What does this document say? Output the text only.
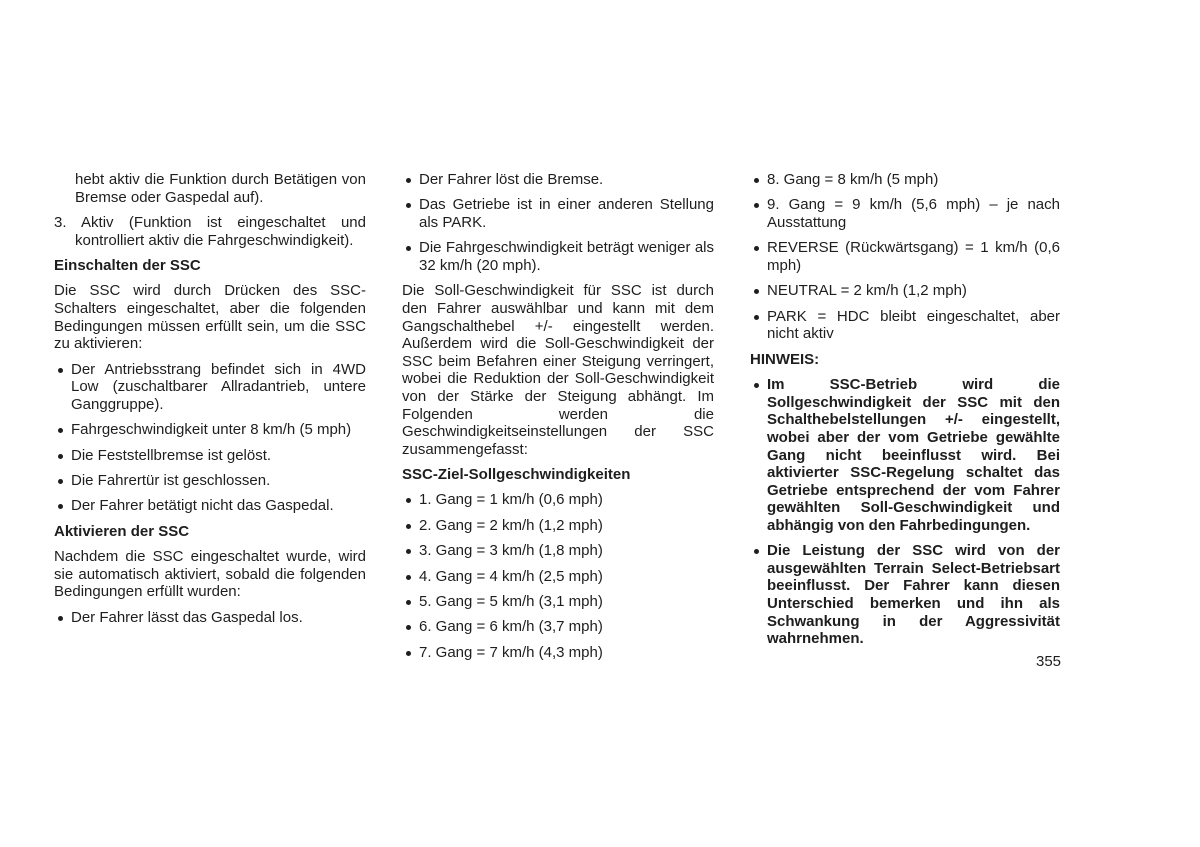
hebt aktiv die Funktion durch Betätigen von Bremse oder Gaspedal auf).

3. Aktiv (Funktion ist eingeschaltet und kontrolliert aktiv die Fahrgeschwindigkeit).

Einschalten der SSC

Die SSC wird durch Drücken des SSC-Schalters eingeschaltet, aber die folgenden Bedingungen müssen erfüllt sein, um die SSC zu aktivieren:

Der Antriebsstrang befindet sich in 4WD Low (zuschaltbarer Allradantrieb, untere Ganggruppe).
Fahrgeschwindigkeit unter 8 km/h (5 mph)
Die Feststellbremse ist gelöst.
Die Fahrertür ist geschlossen.
Der Fahrer betätigt nicht das Gaspedal.
Aktivieren der SSC

Nachdem die SSC eingeschaltet wurde, wird sie automatisch aktiviert, sobald die folgenden Bedingungen erfüllt wurden:

Der Fahrer lässt das Gaspedal los.
Der Fahrer löst die Bremse.
Das Getriebe ist in einer anderen Stellung als PARK.
Die Fahrgeschwindigkeit beträgt weniger als 32 km/h (20 mph).

Die Soll-Geschwindigkeit für SSC ist durch den Fahrer auswählbar und kann mit dem Gangschalthebel +/- eingestellt werden. Außerdem wird die Soll-Geschwindigkeit der SSC beim Befahren einer Steigung verringert, wobei die Reduktion der Soll-Geschwindigkeit von der Stärke der Steigung abhängt. Im Folgenden werden die Geschwindigkeitseinstellungen der SSC zusammengefasst:

SSC-Ziel-Sollgeschwindigkeiten
1. Gang = 1 km/h (0,6 mph)
2. Gang = 2 km/h (1,2 mph)
3. Gang = 3 km/h (1,8 mph)
4. Gang = 4 km/h (2,5 mph)
5. Gang = 5 km/h (3,1 mph)
6. Gang = 6 km/h (3,7 mph)
7. Gang = 7 km/h (4,3 mph)
8. Gang = 8 km/h (5 mph)
9. Gang = 9 km/h (5,6 mph) – je nach Ausstattung
REVERSE (Rückwärtsgang) = 1 km/h (0,6 mph)
NEUTRAL = 2 km/h (1,2 mph)
PARK = HDC bleibt eingeschaltet, aber nicht aktiv
HINWEIS:
Im SSC-Betrieb wird die Sollgeschwindigkeit der SSC mit den Schalthebelstellungen +/- eingestellt, wobei aber der vom Getriebe gewählte Gang nicht beeinflusst wird. Bei aktivierter SSC-Regelung schaltet das Getriebe entsprechend der vom Fahrer gewählten Soll-Geschwindigkeit und abhängig von den Fahrbedingungen.
Die Leistung der SSC wird von der ausgewählten Terrain Select-Betriebsart beeinflusst. Der Fahrer kann diesen Unterschied bemerken und ihn als Schwankung in der Aggressivität wahrnehmen.
355
